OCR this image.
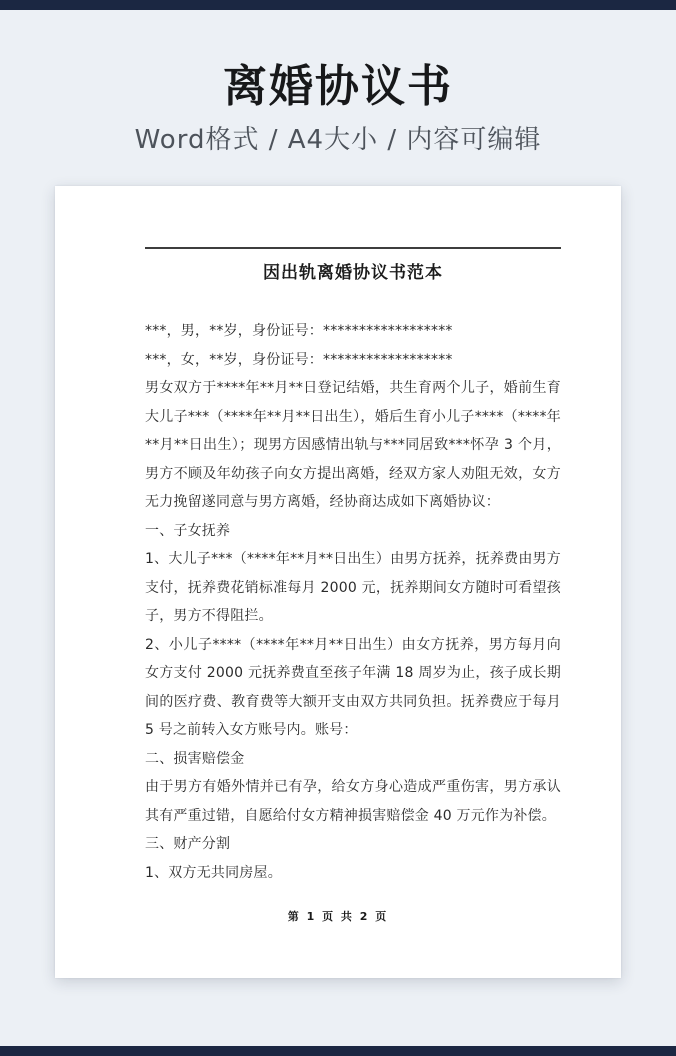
离婚协议书
Word格式 / A4大小 / 内容可编辑
因出轨离婚协议书范本

***，男，**岁，身份证号：******************

***，女，**岁，身份证号：******************

男女双方于****年**月**日登记结婚，共生育两个儿子，婚前生育大儿子***（****年**月**日出生），婚后生育小儿子****（****年**月**日出生）；现男方因感情出轨与***同居致***怀孕 3 个月，男方不顾及年幼孩子向女方提出离婚，经双方家人劝阻无效，女方无力挽留遂同意与男方离婚，经协商达成如下离婚协议：

一、子女抚养

1、大儿子***（****年**月**日出生）由男方抚养，抚养费由男方支付，抚养费花销标准每月 2000 元，抚养期间女方随时可看望孩子，男方不得阻拦。

2、小儿子****（****年**月**日出生）由女方抚养，男方每月向女方支付 2000 元抚养费直至孩子年满 18 周岁为止，孩子成长期间的医疗费、教育费等大额开支由双方共同负担。抚养费应于每月 5 号之前转入女方账号内。账号：

二、损害赔偿金

由于男方有婚外情并已有孕，给女方身心造成严重伤害，男方承认其有严重过错，自愿给付女方精神损害赔偿金 40 万元作为补偿。

三、财产分割

1、双方无共同房屋。

第 1 页 共 2 页
